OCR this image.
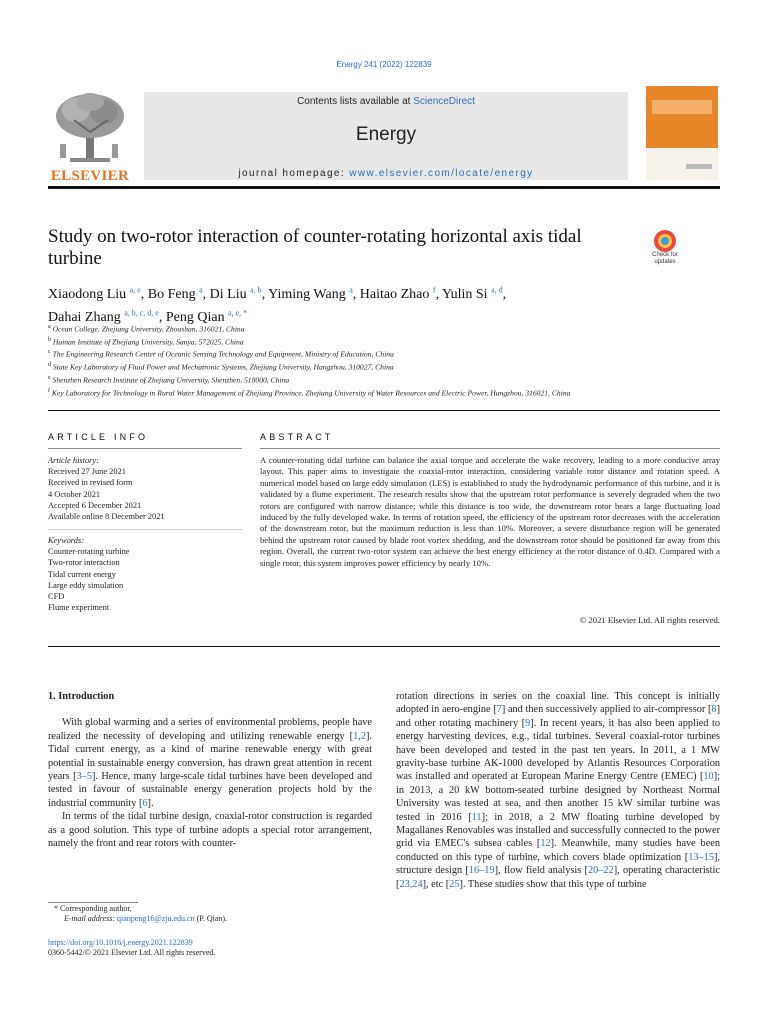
Energy 241 (2022) 122839
ELSEVIER
Contents lists available at ScienceDirect
Energy
journal homepage: www.elsevier.com/locate/energy
Study on two-rotor interaction of counter-rotating horizontal axis tidal turbine	Check for updates
Xiaodong Liu $^{a, e}$, Bo Feng $^a$, Di Liu $^{a, b}$, Yiming Wang $^a$, Haitao Zhao $^f$, Yulin Si $^{a, d}$,
Dahai Zhang $^{a, b, c, d, e}$, Peng Qian $^{a, e, *}$
$^a$ Ocean College, Zhejiang University, Zhoushan, 316021, China
$^b$ Hainan Institute of Zhejiang University, Sanya, 572025, China
$^c$ The Engineering Research Center of Oceanic Sensing Technology and Equipment, Ministry of Education, China
$^d$ State Key Laboratory of Fluid Power and Mechatronic Systems, Zhejiang University, Hangzhou, 310027, China
$^e$ Shenzhen Research Institute of Zhejiang University, Shenzhen, 518000, China
$^f$ Key Laboratory for Technology in Rural Water Management of Zhejiang Province, Zhejiang University of Water Resources and Electric Power, Hangzhou, 316021, China
ARTICLE INFO
Article history:
Received 27 June 2021
Received in revised form
4 October 2021
Accepted 6 December 2021
Available online 8 December 2021
Keywords:
Counter-rotating turbine
Two-rotor interaction
Tidal current energy
Large eddy simulation
CFD
Flume experiment
ABSTRACT
A counter-rotating tidal turbine can balance the axial torque and accelerate the wake recovery, leading to a more conducive array layout. This paper aims to investigate the coaxial-rotor interaction, considering variable rotor distance and rotation speed. A numerical model based on large eddy simulation (LES) is established to study the hydrodynamic performance of this turbine, and it is validated by a flume experiment. The research results show that the upstream rotor performance is severely degraded when the two rotors are configured with narrow distance; while this distance is too wide, the downstream rotor bears a large fluctuating load induced by the fully developed wake. In terms of rotation speed, the efficiency of the upstream rotor decreases with the acceleration of the downstream rotor, but the maximum reduction is less than 10%. Moreover, a severe disturbance region will be generated behind the upstream rotor caused by blade root vortex shedding, and the downstream rotor should be positioned far away from this region. Overall, the current two-rotor system can achieve the best energy efficiency at the rotor distance of 0.4D. Compared with a single rotor, this system improves power efficiency by nearly 10%.
© 2021 Elsevier Ltd. All rights reserved.
1. Introduction

With global warming and a series of environmental problems, people have realized the necessity of developing and utilizing renewable energy [1,2]. Tidal current energy, as a kind of marine renewable energy with great potential in sustainable energy conversion, has drawn great attention in recent years [3–5]. Hence, many large-scale tidal turbines have been developed and tested in favour of sustainable energy generation projects hold by the industrial community [6].

In terms of the tidal turbine design, coaxial-rotor construction is regarded as a good solution. This type of turbine adopts a special rotor arrangement, namely the front and rear rotors with counter-

rotation directions in series on the coaxial line. This concept is initially adopted in aero-engine [7] and then successively applied to air-compressor [8] and other rotating machinery [9]. In recent years, it has also been applied to energy harvesting devices, e.g., tidal turbines. Several coaxial-rotor turbines have been developed and tested in the past ten years. In 2011, a 1 MW gravity-base turbine AK-1000 developed by Atlantis Resources Corporation was installed and operated at European Marine Energy Centre (EMEC) [10]; in 2013, a 20 kW bottom-seated turbine designed by Northeast Normal University was tested at sea, and then another 15 kW similar turbine was tested in 2016 [11]; in 2018, a 2 MW floating turbine developed by Magallanes Renovables was installed and successfully connected to the power grid via EMEC's subsea cables [12]. Meanwhile, many studies have been conducted on this type of turbine, which covers blade optimization [13–15], structure design [16–19], flow field analysis [20–22], operating characteristic [23,24], etc [25]. These studies show that this type of turbine

* Corresponding author.
E-mail address: qianpeng16@zju.edu.cn (P. Qian).
https://doi.org/10.1016/j.energy.2021.122839
0360-5442/© 2021 Elsevier Ltd. All rights reserved.
